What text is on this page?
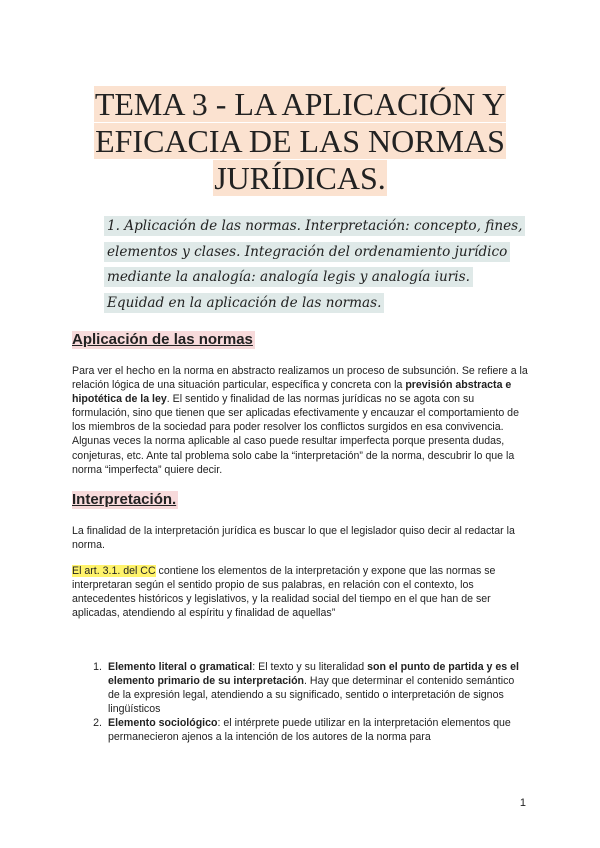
TEMA 3 - LA APLICACIÓN Y
EFICACIA DE LAS NORMAS
JURÍDICAS.
1. Aplicación de las normas. Interpretación: concepto, fines, elementos y clases. Integración del ordenamiento jurídico mediante la analogía: analogía legis y analogía iuris. Equidad en la aplicación de las normas.
Aplicación de las normas
Para ver el hecho en la norma en abstracto realizamos un proceso de subsunción. Se refiere a la relación lógica de una situación particular, específica y concreta con la previsión abstracta e hipotética de la ley. El sentido y finalidad de las normas jurídicas no se agota con su formulación, sino que tienen que ser aplicadas efectivamente y encauzar el comportamiento de los miembros de la sociedad para poder resolver los conflictos surgidos en esa convivencia. Algunas veces la norma aplicable al caso puede resultar imperfecta porque presenta dudas, conjeturas, etc. Ante tal problema solo cabe la “interpretación” de la norma, descubrir lo que la norma “imperfecta” quiere decir.
Interpretación.
La finalidad de la interpretación jurídica es buscar lo que el legislador quiso decir al redactar la norma.
El art. 3.1. del CC contiene los elementos de la interpretación y expone que las normas se interpretaran según el sentido propio de sus palabras, en relación con el contexto, los antecedentes históricos y legislativos, y la realidad social del tiempo en el que han de ser aplicadas, atendiendo al espíritu y finalidad de aquellas”
1. Elemento literal o gramatical: El texto y su literalidad son el punto de partida y es el elemento primario de su interpretación. Hay que determinar el contenido semántico de la expresión legal, atendiendo a su significado, sentido o interpretación de signos lingüísticos
2. Elemento sociológico: el intérprete puede utilizar en la interpretación elementos que permanecieron ajenos a la intención de los autores de la norma para
1
